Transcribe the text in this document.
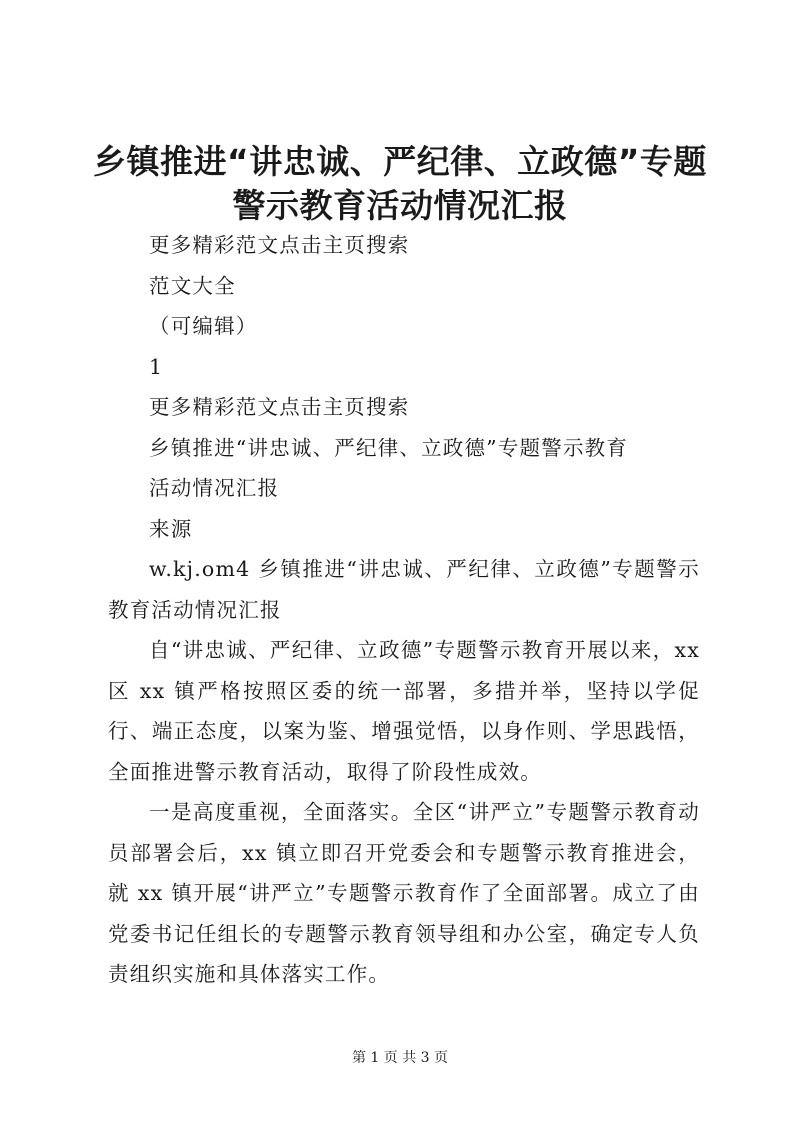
乡镇推进“讲忠诚、严纪律、立政德”专题警示教育活动情况汇报

更多精彩范文点击主页搜索

范文大全

（可编辑）

1

更多精彩范文点击主页搜索

乡镇推进“讲忠诚、严纪律、立政德”专题警示教育

活动情况汇报

来源

w.kj.om4 乡镇推进“讲忠诚、严纪律、立政德”专题警示教育活动情况汇报

自“讲忠诚、严纪律、立政德”专题警示教育开展以来，xx 区 xx 镇严格按照区委的统一部署，多措并举，坚持以学促行、端正态度，以案为鉴、增强觉悟，以身作则、学思践悟，全面推进警示教育活动，取得了阶段性成效。

一是高度重视，全面落实。全区“讲严立”专题警示教育动员部署会后，xx 镇立即召开党委会和专题警示教育推进会，就 xx 镇开展“讲严立”专题警示教育作了全面部署。成立了由党委书记任组长的专题警示教育领导组和办公室，确定专人负责组织实施和具体落实工作。

第 1 页 共 3 页
